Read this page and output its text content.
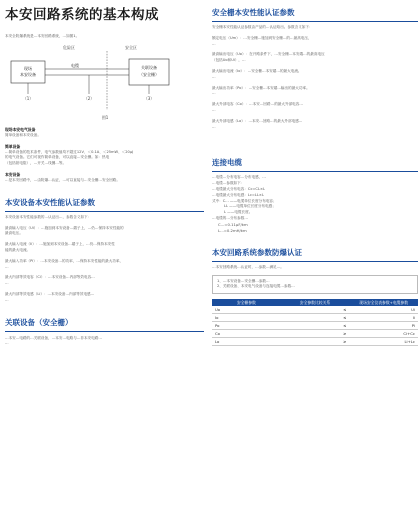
本安回路系统的基本构成

本安全防爆系统是…本安回路系统，…如图1。

危险区	安全区
现场
本安设备
关联设备
（安全栅）
电缆
（1）	（2）	（3）
图1

现场本安电气设备

简单设备和本安设备。

简单设备

…简单设备的技术条件，电气参数值均不超过12V、＜0.1A、＜25mW、＜20μJ

的电气设备。它们可视作简单设备，可以直接…安全栅。如：热电

（包括铂电阻），…开关…线圈…等。

本安设备

…是本安回路中，…由防爆…认证，…可以直接与…安全栅…安全回路。

本安设备本安性能认证参数

本安设备本安性能参数的…认证出…，参数含义如下：

最高输入电压（Ui）：…施加到本安设备…端子上，…仍…保持本安性能的

最高电压。

最大输入电流（Ii）：…施加到本安设备…端子上，…仍…保持本安性

能的最大电流。

最大输入功率（Pi）：…本安设备…的功率，…保持本安性能的最大功率，

…

最大内部等效电容（Ci）：…本安设备…内部等效电容…

…

最大内部等效电感（Li）：…本安设备…内部等效电感…

…

关联设备（安全栅）

…本安…电路的…关联设备，…本安…电路与…非本安电路…

…

安全栅本安性能认证参数

安全栅本安性能认证参数由产品的…认证给出。参数含义如下：

额定电压（Um）：…安全栅…施加到安全栅…的…最高电压，

…

最高输出电压（Uo）：在开路条件下，…安全栅…本安端…的最高电压

（包括Uo和Ui），…

最大输出电流（Io）：…安全栅…本安端…的最大电流。

…

最大输出功率（Po）：…安全栅…本安端…输出的最大功率。

…

最大外部电容（Co）：…本安…回路…的最大外部电容…

…

最大外部电感（Lo）：…本安…回路…的最大外部电感…

…

连接电缆

…电缆…分布电容…分布电感，…

…电缆…参数如下：

…电缆最大分布电容：Cc=CL×L

…电缆最大分布电感：Lc=LL×L

式中：C... ——电缆单位长度分布电容；

LL ——电缆单位长度分布电感；

L ——电缆长度。

…电缆的…分布参数…

C...=0.11μF/km

L...=0.2mH/km

本安回路系统参数防爆认证

…本安回路系统…认证时，…参数…满足…。

1、…本安设备…安全栅…参数…

2、关联设备、本安电气设备与连接电缆…参数…

安全栅参数	安全参数比较关系	现场安全仪表参数+电缆参数
Uo	≤	Ui
Io	≤	Ii
Po	≤	Pi
Co	≥	Ci+Cc
Lo	≥	Li+Lc
